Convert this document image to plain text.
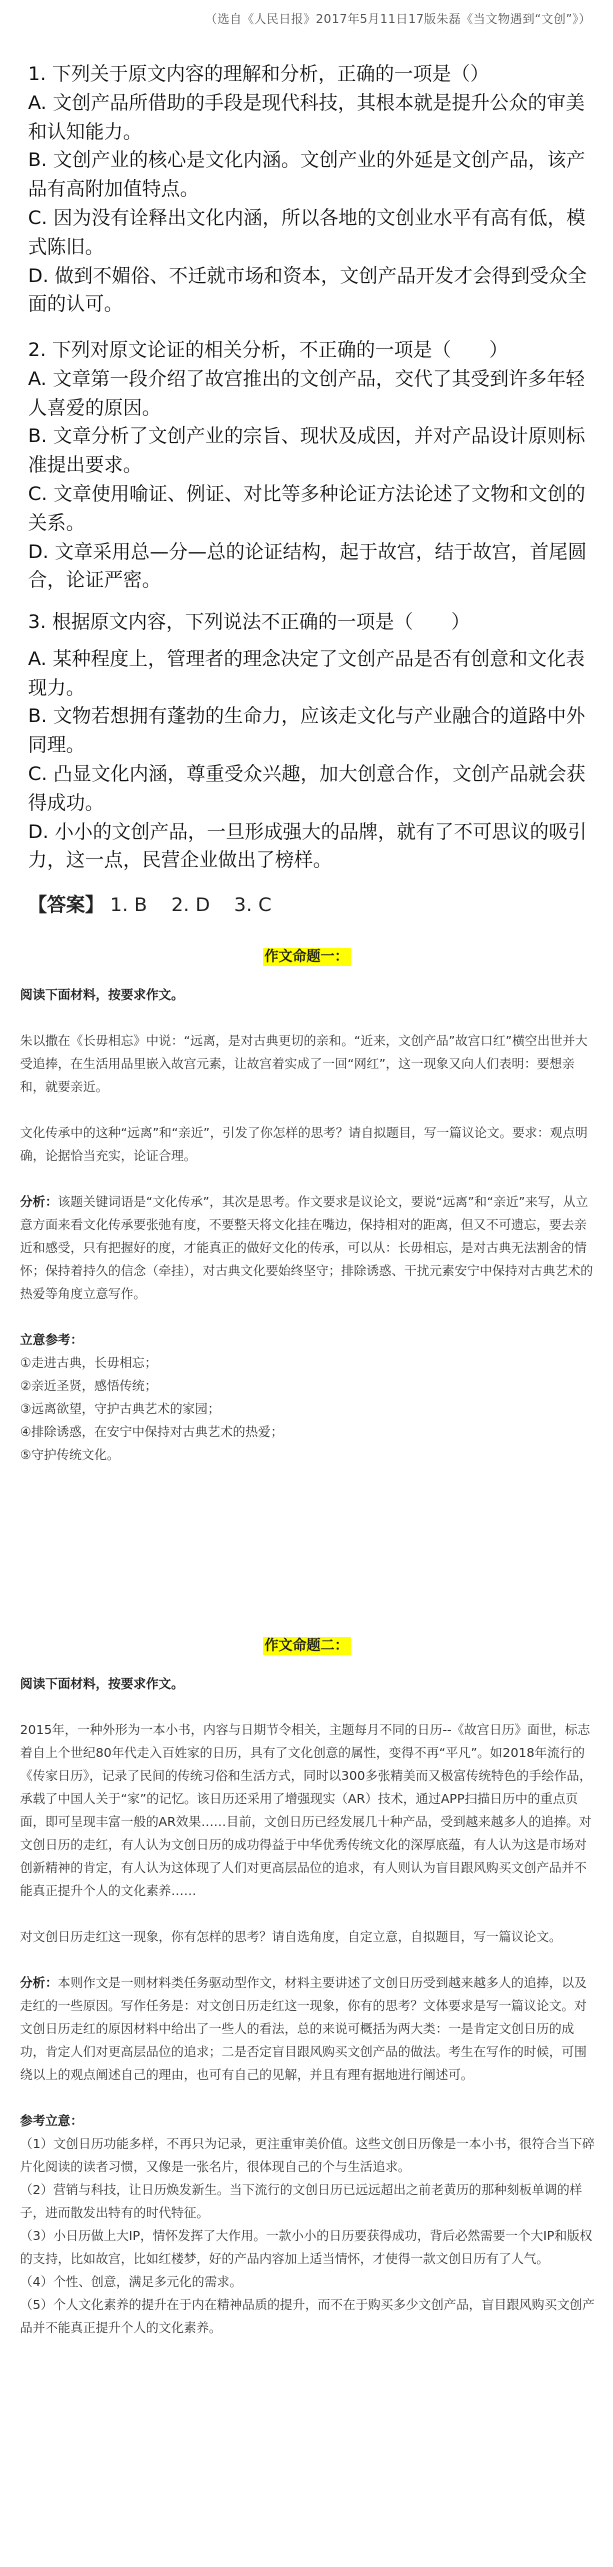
（选自《人民日报》2017年5月11日17版朱磊《当文物遇到“文创”》）

1. 下列关于原文内容的理解和分析，正确的一项是（）

A. 文创产品所借助的手段是现代科技，其根本就是提升公众的审美和认知能力。

B. 文创产业的核心是文化内涵。文创产业的外延是文创产品，该产品有高附加值特点。

C. 因为没有诠释出文化内涵，所以各地的文创业水平有高有低，模式陈旧。

D. 做到不媚俗、不迁就市场和资本，文创产品开发才会得到受众全面的认可。

2. 下列对原文论证的相关分析，不正确的一项是（　　）

A. 文章第一段介绍了故宫推出的文创产品，交代了其受到许多年轻人喜爱的原因。

B. 文章分析了文创产业的宗旨、现状及成因，并对产品设计原则标准提出要求。

C. 文章使用喻证、例证、对比等多种论证方法论述了文物和文创的关系。

D. 文章采用总—分—总的论证结构，起于故宫，结于故宫，首尾圆合，论证严密。

3. 根据原文内容，下列说法不正确的一项是（　　）

A. 某种程度上，管理者的理念决定了文创产品是否有创意和文化表现力。

B. 文物若想拥有蓬勃的生命力，应该走文化与产业融合的道路中外同理。

C. 凸显文化内涵，尊重受众兴趣，加大创意合作，文创产品就会获得成功。

D. 小小的文创产品，一旦形成强大的品牌，就有了不可思议的吸引力，这一点，民营企业做出了榜样。

【答案】 1. B 2. D 3. C
作文命题一：

阅读下面材料，按要求作文。

朱以撒在《长毋相忘》中说：“远离，是对古典更切的亲和。“近来，文创产品”故宫口红”横空出世并大受追捧，在生活用品里嵌入故宫元素，让故宫着实成了一回“网红”，这一现象又向人们表明：要想亲和，就要亲近。

文化传承中的这种“远离”和“亲近”，引发了你怎样的思考？请自拟题目，写一篇议论文。要求：观点明确，论据恰当充实，论证合理。

分析：该题关键词语是“文化传承”，其次是思考。作文要求是议论文，要说“远离”和“亲近”来写，从立意方面来看文化传承要张弛有度，不要整天将文化挂在嘴边，保持相对的距离，但又不可遗忘，要去亲近和感受，只有把握好的度，才能真正的做好文化的传承，可以从：长毋相忘，是对古典无法割舍的情怀；保持着持久的信念（牵挂），对古典文化要始终坚守；排除诱惑、干扰元素安宁中保持对古典艺术的热爱等角度立意写作。

立意参考：

①走进古典，长毋相忘；

②亲近圣贤，感悟传统；

③远离欲望，守护古典艺术的家园；

④排除诱惑，在安宁中保持对古典艺术的热爱；

⑤守护传统文化。

作文命题二：

阅读下面材料，按要求作文。

2015年，一种外形为一本小书，内容与日期节令相关，主题每月不同的日历--《故宫日历》面世，标志着自上个世纪80年代走入百姓家的日历，具有了文化创意的属性，变得不再“平凡”。如2018年流行的《传家日历》，记录了民间的传统习俗和生活方式，同时以300多张精美而又极富传统特色的手绘作品，承载了中国人关于“家”的记忆。该日历还采用了增强现实（AR）技术，通过APP扫描日历中的重点页面，即可呈现丰富一般的AR效果……目前，文创日历已经发展几十种产品，受到越来越多人的追捧。对文创日历的走红，有人认为文创日历的成功得益于中华优秀传统文化的深厚底蕴，有人认为这是市场对创新精神的肯定，有人认为这体现了人们对更高层品位的追求，有人则认为盲目跟风购买文创产品并不能真正提升个人的文化素养……

对文创日历走红这一现象，你有怎样的思考？请自选角度，自定立意，自拟题目，写一篇议论文。

分析：本则作文是一则材料类任务驱动型作文，材料主要讲述了文创日历受到越来越多人的追捧，以及走红的一些原因。写作任务是：对文创日历走红这一现象，你有的思考？文体要求是写一篇议论文。对文创日历走红的原因材料中给出了一些人的看法，总的来说可概括为两大类：一是肯定文创日历的成功，肯定人们对更高层品位的追求；二是否定盲目跟风购买文创产品的做法。考生在写作的时候，可围绕以上的观点阐述自己的理由，也可有自己的见解，并且有理有据地进行阐述可。

参考立意：

（1）文创日历功能多样，不再只为记录，更注重审美价值。这些文创日历像是一本小书，很符合当下碎片化阅读的读者习惯，又像是一张名片，很体现自己的个与生活追求。

（2）营销与科技，让日历焕发新生。当下流行的文创日历已远远超出之前老黄历的那种刻板单调的样子，进而散发出特有的时代特征。

（3）小日历做上大IP，情怀发挥了大作用。一款小小的日历要获得成功，背后必然需要一个大IP和版权的支持，比如故宫，比如红楼梦，好的产品内容加上适当情怀，才使得一款文创日历有了人气。

（4）个性、创意，满足多元化的需求。

（5）个人文化素养的提升在于内在精神品质的提升，而不在于购买多少文创产品，盲目跟风购买文创产品并不能真正提升个人的文化素养。
